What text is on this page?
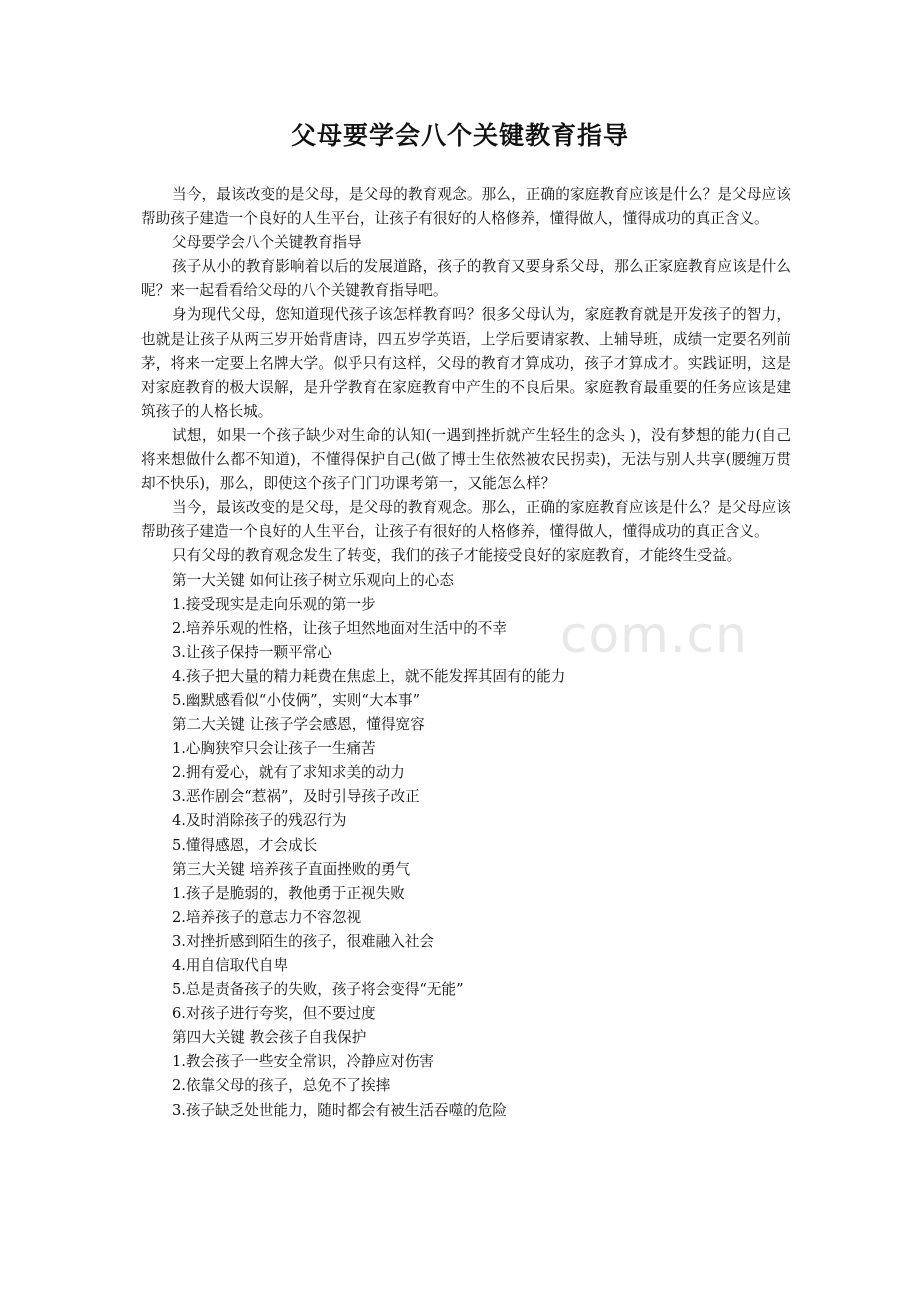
父母要学会八个关键教育指导
com.cn

当今，最该改变的是父母，是父母的教育观念。那么，正确的家庭教育应该是什么？是父母应该帮助孩子建造一个良好的人生平台，让孩子有很好的人格修养，懂得做人，懂得成功的真正含义。

父母要学会八个关键教育指导

孩子从小的教育影响着以后的发展道路，孩子的教育又要身系父母，那么正家庭教育应该是什么呢？来一起看看给父母的八个关键教育指导吧。

身为现代父母，您知道现代孩子该怎样教育吗？很多父母认为，家庭教育就是开发孩子的智力，也就是让孩子从两三岁开始背唐诗，四五岁学英语，上学后要请家教、上辅导班，成绩一定要名列前茅，将来一定要上名牌大学。似乎只有这样，父母的教育才算成功，孩子才算成才。实践证明，这是对家庭教育的极大误解，是升学教育在家庭教育中产生的不良后果。家庭教育最重要的任务应该是建筑孩子的人格长城。

试想，如果一个孩子缺少对生命的认知(一遇到挫折就产生轻生的念头 )，没有梦想的能力(自己将来想做什么都不知道)，不懂得保护自己(做了博士生依然被农民拐卖)，无法与别人共享(腰缠万贯却不快乐)，那么，即使这个孩子门门功课考第一，又能怎么样？

当今，最该改变的是父母，是父母的教育观念。那么，正确的家庭教育应该是什么？是父母应该帮助孩子建造一个良好的人生平台，让孩子有很好的人格修养，懂得做人，懂得成功的真正含义。

只有父母的教育观念发生了转变，我们的孩子才能接受良好的家庭教育，才能终生受益。

第一大关键 如何让孩子树立乐观向上的心态

1.接受现实是走向乐观的第一步

2.培养乐观的性格，让孩子坦然地面对生活中的不幸

3.让孩子保持一颗平常心

4.孩子把大量的精力耗费在焦虑上，就不能发挥其固有的能力

5.幽默感看似“小伎俩”，实则“大本事”

第二大关键 让孩子学会感恩，懂得宽容

1.心胸狭窄只会让孩子一生痛苦

2.拥有爱心，就有了求知求美的动力

3.恶作剧会“惹祸”，及时引导孩子改正

4.及时消除孩子的残忍行为

5.懂得感恩，才会成长

第三大关键 培养孩子直面挫败的勇气

1.孩子是脆弱的，教他勇于正视失败

2.培养孩子的意志力不容忽视

3.对挫折感到陌生的孩子，很难融入社会

4.用自信取代自卑

5.总是责备孩子的失败，孩子将会变得“无能”

6.对孩子进行夸奖，但不要过度

第四大关键 教会孩子自我保护

1.教会孩子一些安全常识，冷静应对伤害

2.依靠父母的孩子，总免不了挨摔

3.孩子缺乏处世能力，随时都会有被生活吞噬的危险
